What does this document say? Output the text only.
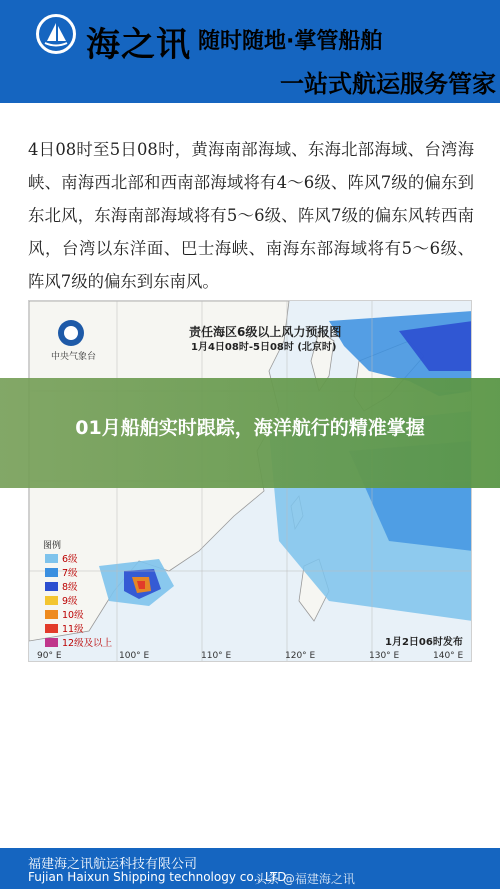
海之讯 随时随地·掌管船舶
一站式航运服务管家
4日08时至5日08时，黄海南部海域、东海北部海域、台湾海峡、南海西北部和西南部海域将有4～6级、阵风7级的偏东到东北风，东海南部海域将有5～6级、阵风7级的偏东风转西南风，台湾以东洋面、巴士海峡、南海东部海域将有5～6级、阵风7级的偏东到东南风。
责任海区6级以上风力预报图
1月4日08时-5日08时 (北京时)
中央气象台
图例
6级
7级
8级
9级
10级
11级
12级及以上	1月2日06时发布
90° E	100° E	110° E	120° E	130° E	140° E
01月船舶实时跟踪，海洋航行的精准掌握
福建海之讯航运科技有限公司
Fujian Haixun Shipping technology co., LTD
头条 @福建海之讯
